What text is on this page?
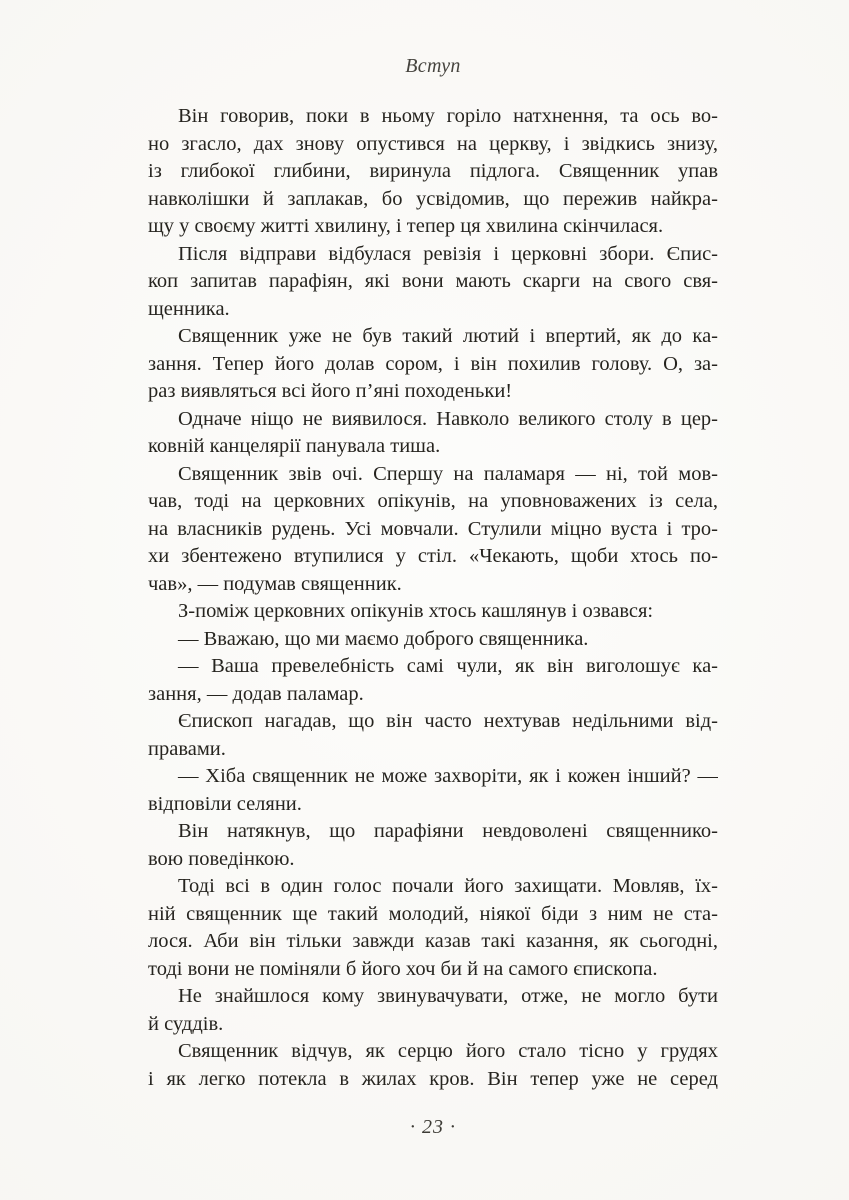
Вступ
Він говорив, поки в ньому горіло натхнення, та ось во-
но згасло, дах знову опустився на церкву, і звідкись знизу,
із глибокої глибини, виринула підлога. Священник упав
навколішки й заплакав, бо усвідомив, що пережив найкра-
щу у своєму житті хвилину, і тепер ця хвилина скінчилася.
Після відправи відбулася ревізія і церковні збори. Єпис-
коп запитав парафіян, які вони мають скарги на свого свя-
щенника.
Священник уже не був такий лютий і впертий, як до ка-
зання. Тепер його долав сором, і він похилив голову. О, за-
раз виявляться всі його п’яні походеньки!
Одначе ніщо не виявилося. Навколо великого столу в цер-
ковній канцелярії панувала тиша.
Священник звів очі. Спершу на паламаря — ні, той мов-
чав, тоді на церковних опікунів, на уповноважених із села,
на власників рудень. Усі мовчали. Стулили міцно вуста і тро-
хи збентежено втупилися у стіл. «Чекають, щоби хтось по-
чав», — подумав священник.
З-поміж церковних опікунів хтось кашлянув і озвався:
— Вважаю, що ми маємо доброго священника.
— Ваша превелебність самі чули, як він виголошує ка-
зання, — додав паламар.
Єпископ нагадав, що він часто нехтував недільними від-
правами.
— Хіба священник не може захворіти, як і кожен інший? —
відповіли селяни.
Він натякнув, що парафіяни невдоволені священнико-
вою поведінкою.
Тоді всі в один голос почали його захищати. Мовляв, їх-
ній священник ще такий молодий, ніякої біди з ним не ста-
лося. Аби він тільки завжди казав такі казання, як сьогодні,
тоді вони не поміняли б його хоч би й на самого єпископа.
Не знайшлося кому звинувачувати, отже, не могло бути
й суддів.
Священник відчув, як серцю його стало тісно у грудях
і як легко потекла в жилах кров. Він тепер уже не серед
· 23 ·
